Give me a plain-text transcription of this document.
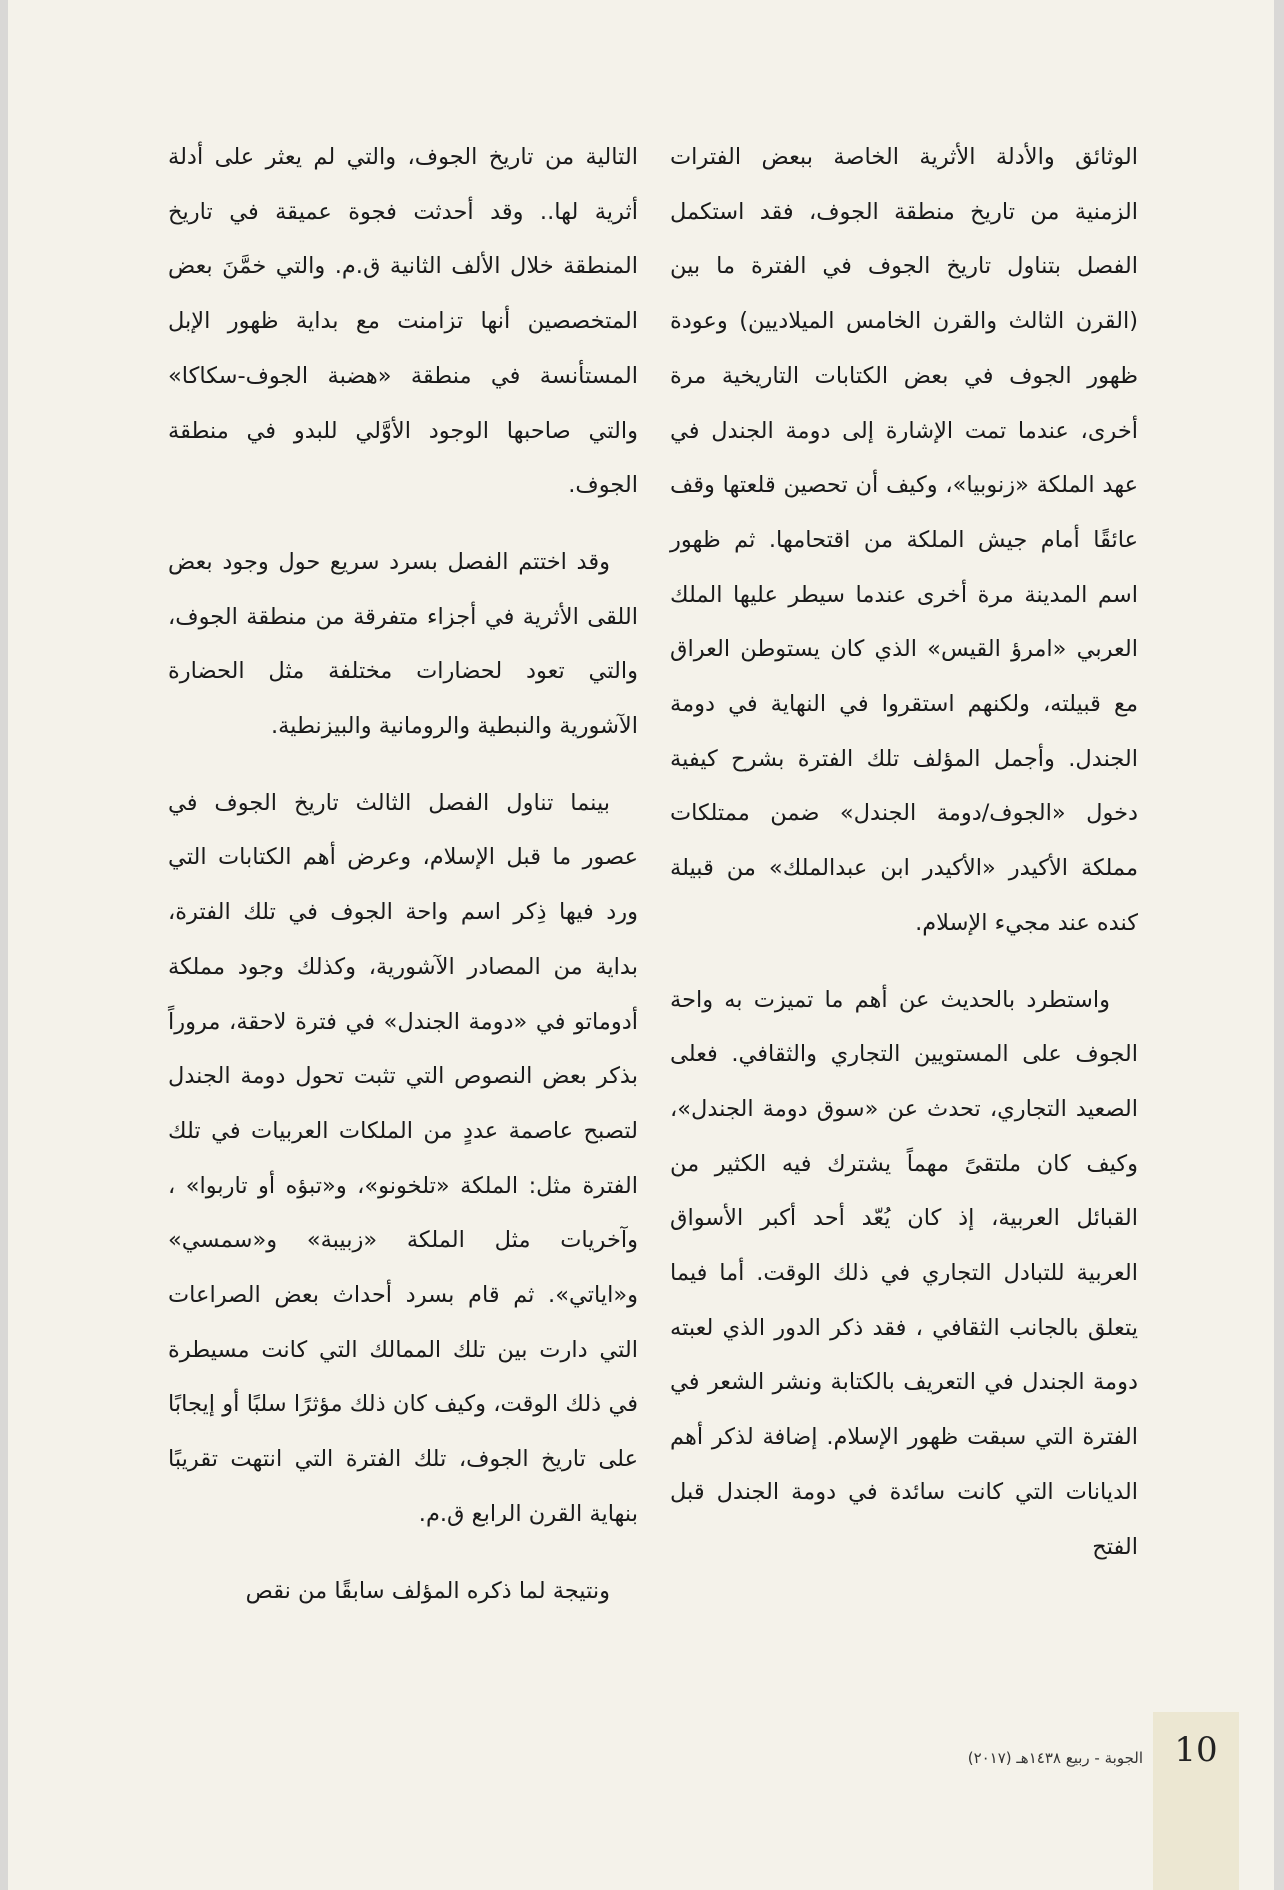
التالية من تاريخ الجوف، والتي لم يعثر على أدلة أثرية لها.. وقد أحدثت فجوة عميقة في تاريخ المنطقة خلال الألف الثانية ق.م. والتي خمَّنَ بعض المتخصصين أنها تزامنت مع بداية ظهور الإبل المستأنسة في منطقة «هضبة الجوف-سكاكا» والتي صاحبها الوجود الأوَّلي للبدو في منطقة الجوف.

وقد اختتم الفصل بسرد سريع حول وجود بعض اللقى الأثرية في أجزاء متفرقة من منطقة الجوف، والتي تعود لحضارات مختلفة مثل الحضارة الآشورية والنبطية والرومانية والبيزنطية.

بينما تناول الفصل الثالث تاريخ الجوف في عصور ما قبل الإسلام، وعرض أهم الكتابات التي ورد فيها ذِكر اسم واحة الجوف في تلك الفترة، بداية من المصادر الآشورية، وكذلك وجود مملكة أدوماتو في «دومة الجندل» في فترة لاحقة، مروراً بذكر بعض النصوص التي تثبت تحول دومة الجندل لتصبح عاصمة عددٍ من الملكات العربيات في تلك الفترة مثل: الملكة «تلخونو»، و«تبؤه أو تاربوا» ، وآخريات مثل الملكة «زبيبة» و«سمسي» و«اياتي». ثم قام بسرد أحداث بعض الصراعات التي دارت بين تلك الممالك التي كانت مسيطرة في ذلك الوقت، وكيف كان ذلك مؤثرًا سلبًا أو إيجابًا على تاريخ الجوف، تلك الفترة التي انتهت تقريبًا بنهاية القرن الرابع ق.م.

ونتيجة لما ذكره المؤلف سابقًا من نقص

الوثائق والأدلة الأثرية الخاصة ببعض الفترات الزمنية من تاريخ منطقة الجوف، فقد استكمل الفصل بتناول تاريخ الجوف في الفترة ما بين (القرن الثالث والقرن الخامس الميلاديين) وعودة ظهور الجوف في بعض الكتابات التاريخية مرة أخرى، عندما تمت الإشارة إلى دومة الجندل في عهد الملكة «زنوبيا»، وكيف أن تحصين قلعتها وقف عائقًا أمام جيش الملكة من اقتحامها. ثم ظهور اسم المدينة مرة أخرى عندما سيطر عليها الملك العربي «امرؤ القيس» الذي كان يستوطن العراق مع قبيلته، ولكنهم استقروا في النهاية في دومة الجندل. وأجمل المؤلف تلك الفترة بشرح كيفية دخول «الجوف/دومة الجندل» ضمن ممتلكات مملكة الأكيدر «الأكيدر ابن عبدالملك» من قبيلة كنده عند مجيء الإسلام.

واستطرد بالحديث عن أهم ما تميزت به واحة الجوف على المستويين التجاري والثقافي. فعلى الصعيد التجاري، تحدث عن «سوق دومة الجندل»، وكيف كان ملتقىً مهماً يشترك فيه الكثير من القبائل العربية، إذ كان يُعّد أحد أكبر الأسواق العربية للتبادل التجاري في ذلك الوقت. أما فيما يتعلق بالجانب الثقافي ، فقد ذكر الدور الذي لعبته دومة الجندل في التعريف بالكتابة ونشر الشعر في الفترة التي سبقت ظهور الإسلام. إضافة لذكر أهم الديانات التي كانت سائدة في دومة الجندل قبل الفتح

الجوبة - ربيع ١٤٣٨هـ (٢٠١٧) 10
